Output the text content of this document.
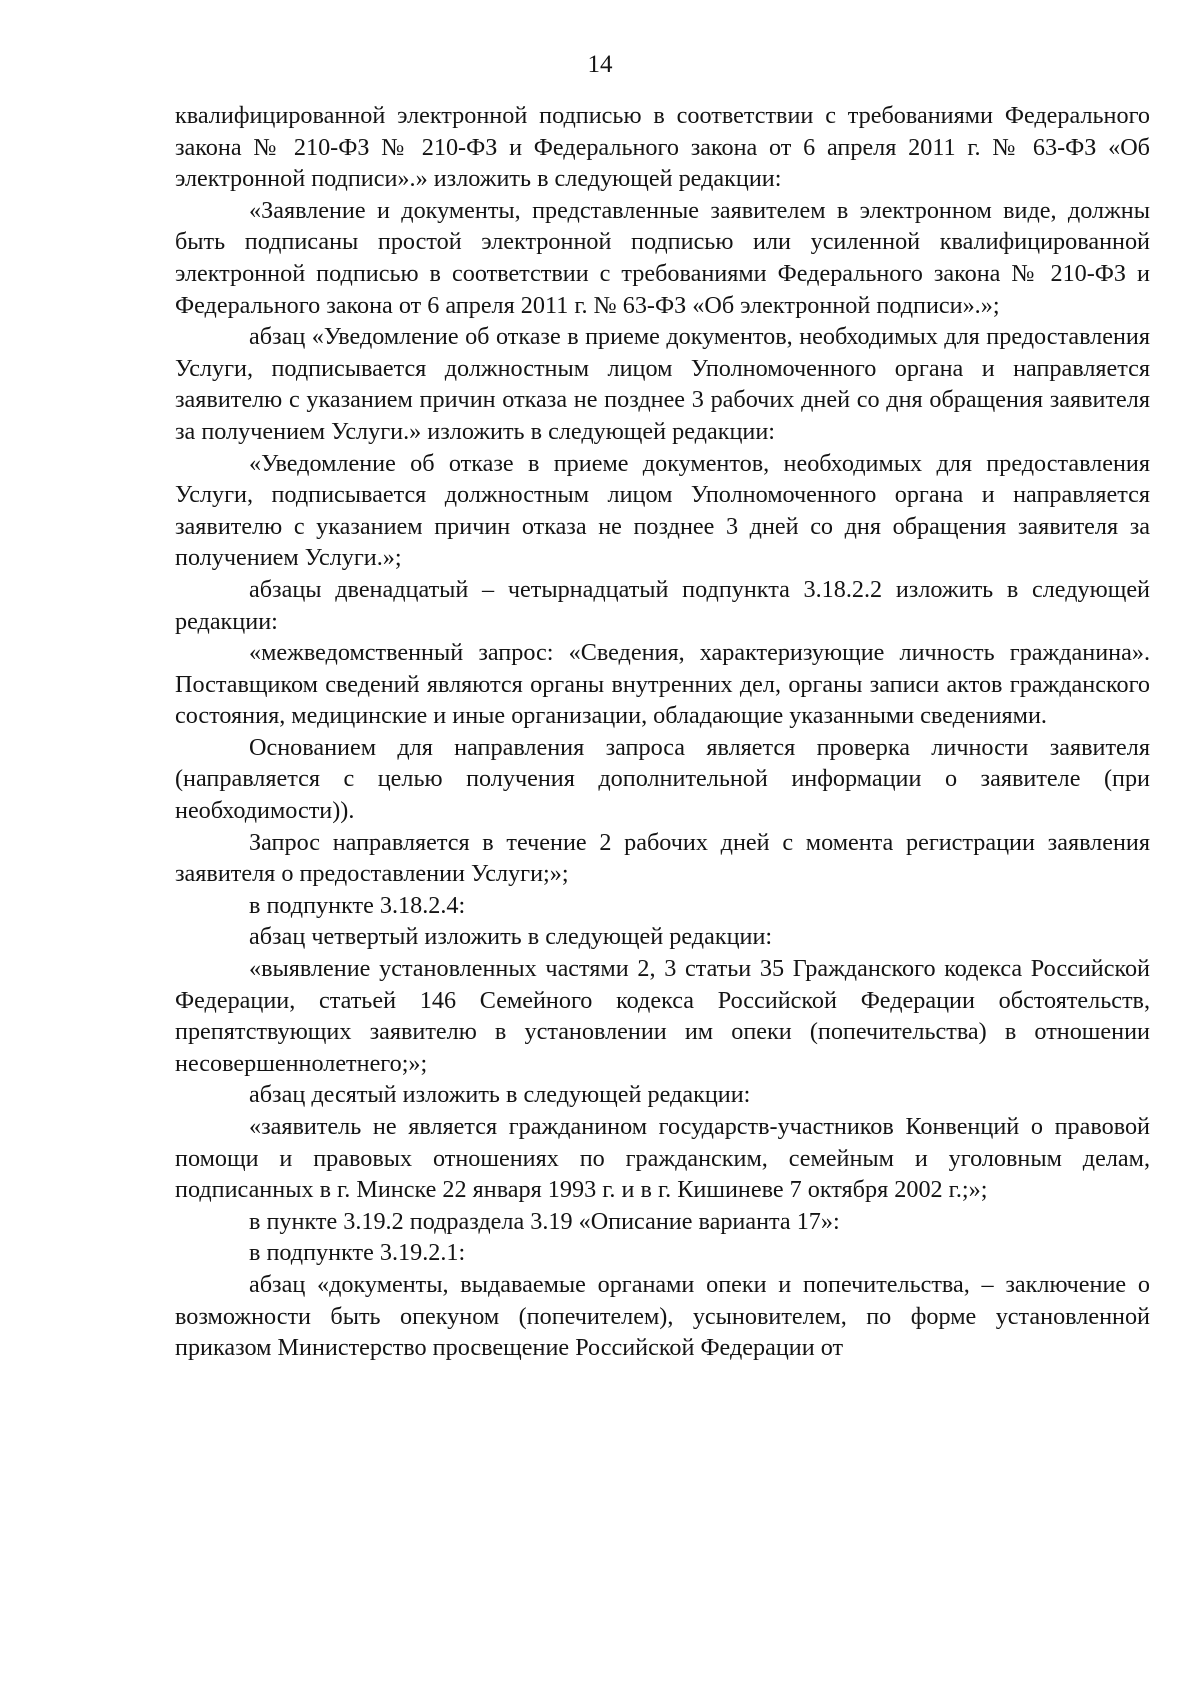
14

квалифицированной электронной подписью в соответствии с требованиями Федерального закона № 210-ФЗ № 210-ФЗ и Федерального закона от 6 апреля 2011 г. № 63-ФЗ «Об электронной подписи».» изложить в следующей редакции:

«Заявление и документы, представленные заявителем в электронном виде, должны быть подписаны простой электронной подписью или усиленной квалифицированной электронной подписью в соответствии с требованиями Федерального закона № 210-ФЗ и Федерального закона от 6 апреля 2011 г. № 63-ФЗ «Об электронной подписи».»;

абзац «Уведомление об отказе в приеме документов, необходимых для предоставления Услуги, подписывается должностным лицом Уполномоченного органа и направляется заявителю с указанием причин отказа не позднее 3 рабочих дней со дня обращения заявителя за получением Услуги.» изложить в следующей редакции:

«Уведомление об отказе в приеме документов, необходимых для предоставления Услуги, подписывается должностным лицом Уполномоченного органа и направляется заявителю с указанием причин отказа не позднее 3 дней со дня обращения заявителя за получением Услуги.»;

абзацы двенадцатый – четырнадцатый подпункта 3.18.2.2 изложить в следующей редакции:

«межведомственный запрос: «Сведения, характеризующие личность гражданина». Поставщиком сведений являются органы внутренних дел, органы записи актов гражданского состояния, медицинские и иные организации, обладающие указанными сведениями.

Основанием для направления запроса является проверка личности заявителя (направляется с целью получения дополнительной информации о заявителе (при необходимости)).

Запрос направляется в течение 2 рабочих дней с момента регистрации заявления заявителя о предоставлении Услуги;»;

в подпункте 3.18.2.4:

абзац четвертый изложить в следующей редакции:

«выявление установленных частями 2, 3 статьи 35 Гражданского кодекса Российской Федерации, статьей 146 Семейного кодекса Российской Федерации обстоятельств, препятствующих заявителю в установлении им опеки (попечительства) в отношении несовершеннолетнего;»;

абзац десятый изложить в следующей редакции:

«заявитель не является гражданином государств-участников Конвенций о правовой помощи и правовых отношениях по гражданским, семейным и уголовным делам, подписанных в г. Минске 22 января 1993 г. и в г. Кишиневе 7 октября 2002 г.;»;

в пункте 3.19.2 подраздела 3.19 «Описание варианта 17»:

в подпункте 3.19.2.1:

абзац «документы, выдаваемые органами опеки и попечительства, – заключение о возможности быть опекуном (попечителем), усыновителем, по форме установленной приказом Министерство просвещение Российской Федерации от
